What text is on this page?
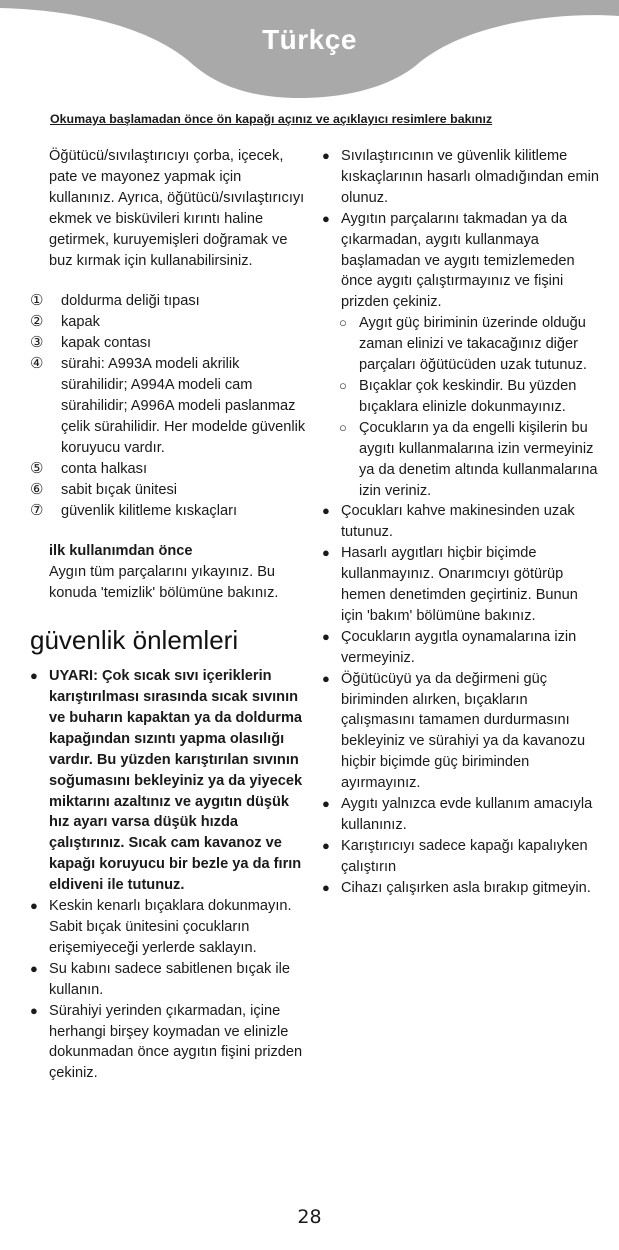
Türkçe
Okumaya başlamadan önce ön kapağı açınız ve açıklayıcı resimlere bakınız

Öğütücü/sıvılaştırıcıyı çorba, içecek, pate ve mayonez yapmak için kullanınız. Ayrıca, öğütücü/sıvılaştırıcıyı ekmek ve bisküvileri kırıntı haline getirmek, kuruyemişleri doğramak ve buz kırmak için kullanabilirsiniz.

①	doldurma deliği tıpası
②	kapak
③	kapak contası
④	sürahi: A993A modeli akrilik sürahilidir; A994A modeli cam sürahilidir; A996A modeli paslanmaz çelik sürahilidir. Her modelde güvenlik koruyucu vardır.
⑤	conta halkası
⑥	sabit bıçak ünitesi
⑦	güvenlik kilitleme kıskaçları
ilk kullanımdan önce
Aygın tüm parçalarını yıkayınız. Bu konuda 'temizlik' bölümüne bakınız.
güvenlik önlemleri
● UYARI: Çok sıcak sıvı içeriklerin karıştırılması sırasında sıcak sıvının ve buharın kapaktan ya da doldurma kapağından sızıntı yapma olasılığı vardır. Bu yüzden karıştırılan sıvının soğumasını bekleyiniz ya da yiyecek miktarını azaltınız ve aygıtın düşük hız ayarı varsa düşük hızda çalıştırınız. Sıcak cam kavanoz ve kapağı koruyucu bir bezle ya da fırın eldiveni ile tutunuz.
● Keskin kenarlı bıçaklara dokunmayın. Sabit bıçak ünitesini çocukların erişemiyeceği yerlerde saklayın.
● Su kabını sadece sabitlenen bıçak ile kullanın.
● Sürahiyi yerinden çıkarmadan, içine herhangi birşey koymadan ve elinizle dokunmadan önce aygıtın fişini prizden çekiniz.
● Sıvılaştırıcının ve güvenlik kilitleme kıskaçlarının hasarlı olmadığından emin olunuz.
● Aygıtın parçalarını takmadan ya da çıkarmadan, aygıtı kullanmaya başlamadan ve aygıtı temizlemeden önce aygıtı çalıştırmayınız ve fişini prizden çekiniz.
○ Aygıt güç biriminin üzerinde olduğu zaman elinizi ve takacağınız diğer parçaları öğütücüden uzak tutunuz.
○ Bıçaklar çok keskindir. Bu yüzden bıçaklara elinizle dokunmayınız.
○ Çocukların ya da engelli kişilerin bu aygıtı kullanmalarına izin vermeyiniz ya da denetim altında kullanmalarına izin veriniz.
● Çocukları kahve makinesinden uzak tutunuz.
● Hasarlı aygıtları hiçbir biçimde kullanmayınız. Onarımcıyı götürüp hemen denetimden geçirtiniz. Bunun için 'bakım' bölümüne bakınız.
● Çocukların aygıtla oynamalarına izin vermeyiniz.
● Öğütücüyü ya da değirmeni güç biriminden alırken, bıçakların çalışmasını tamamen durdurmasını bekleyiniz ve sürahiyi ya da kavanozu hiçbir biçimde güç biriminden ayırmayınız.
● Aygıtı yalnızca evde kullanım amacıyla kullanınız.
● Karıştırıcıyı sadece kapağı kapalıyken çalıştırın
● Cihazı çalışırken asla bırakıp gitmeyin.
28
